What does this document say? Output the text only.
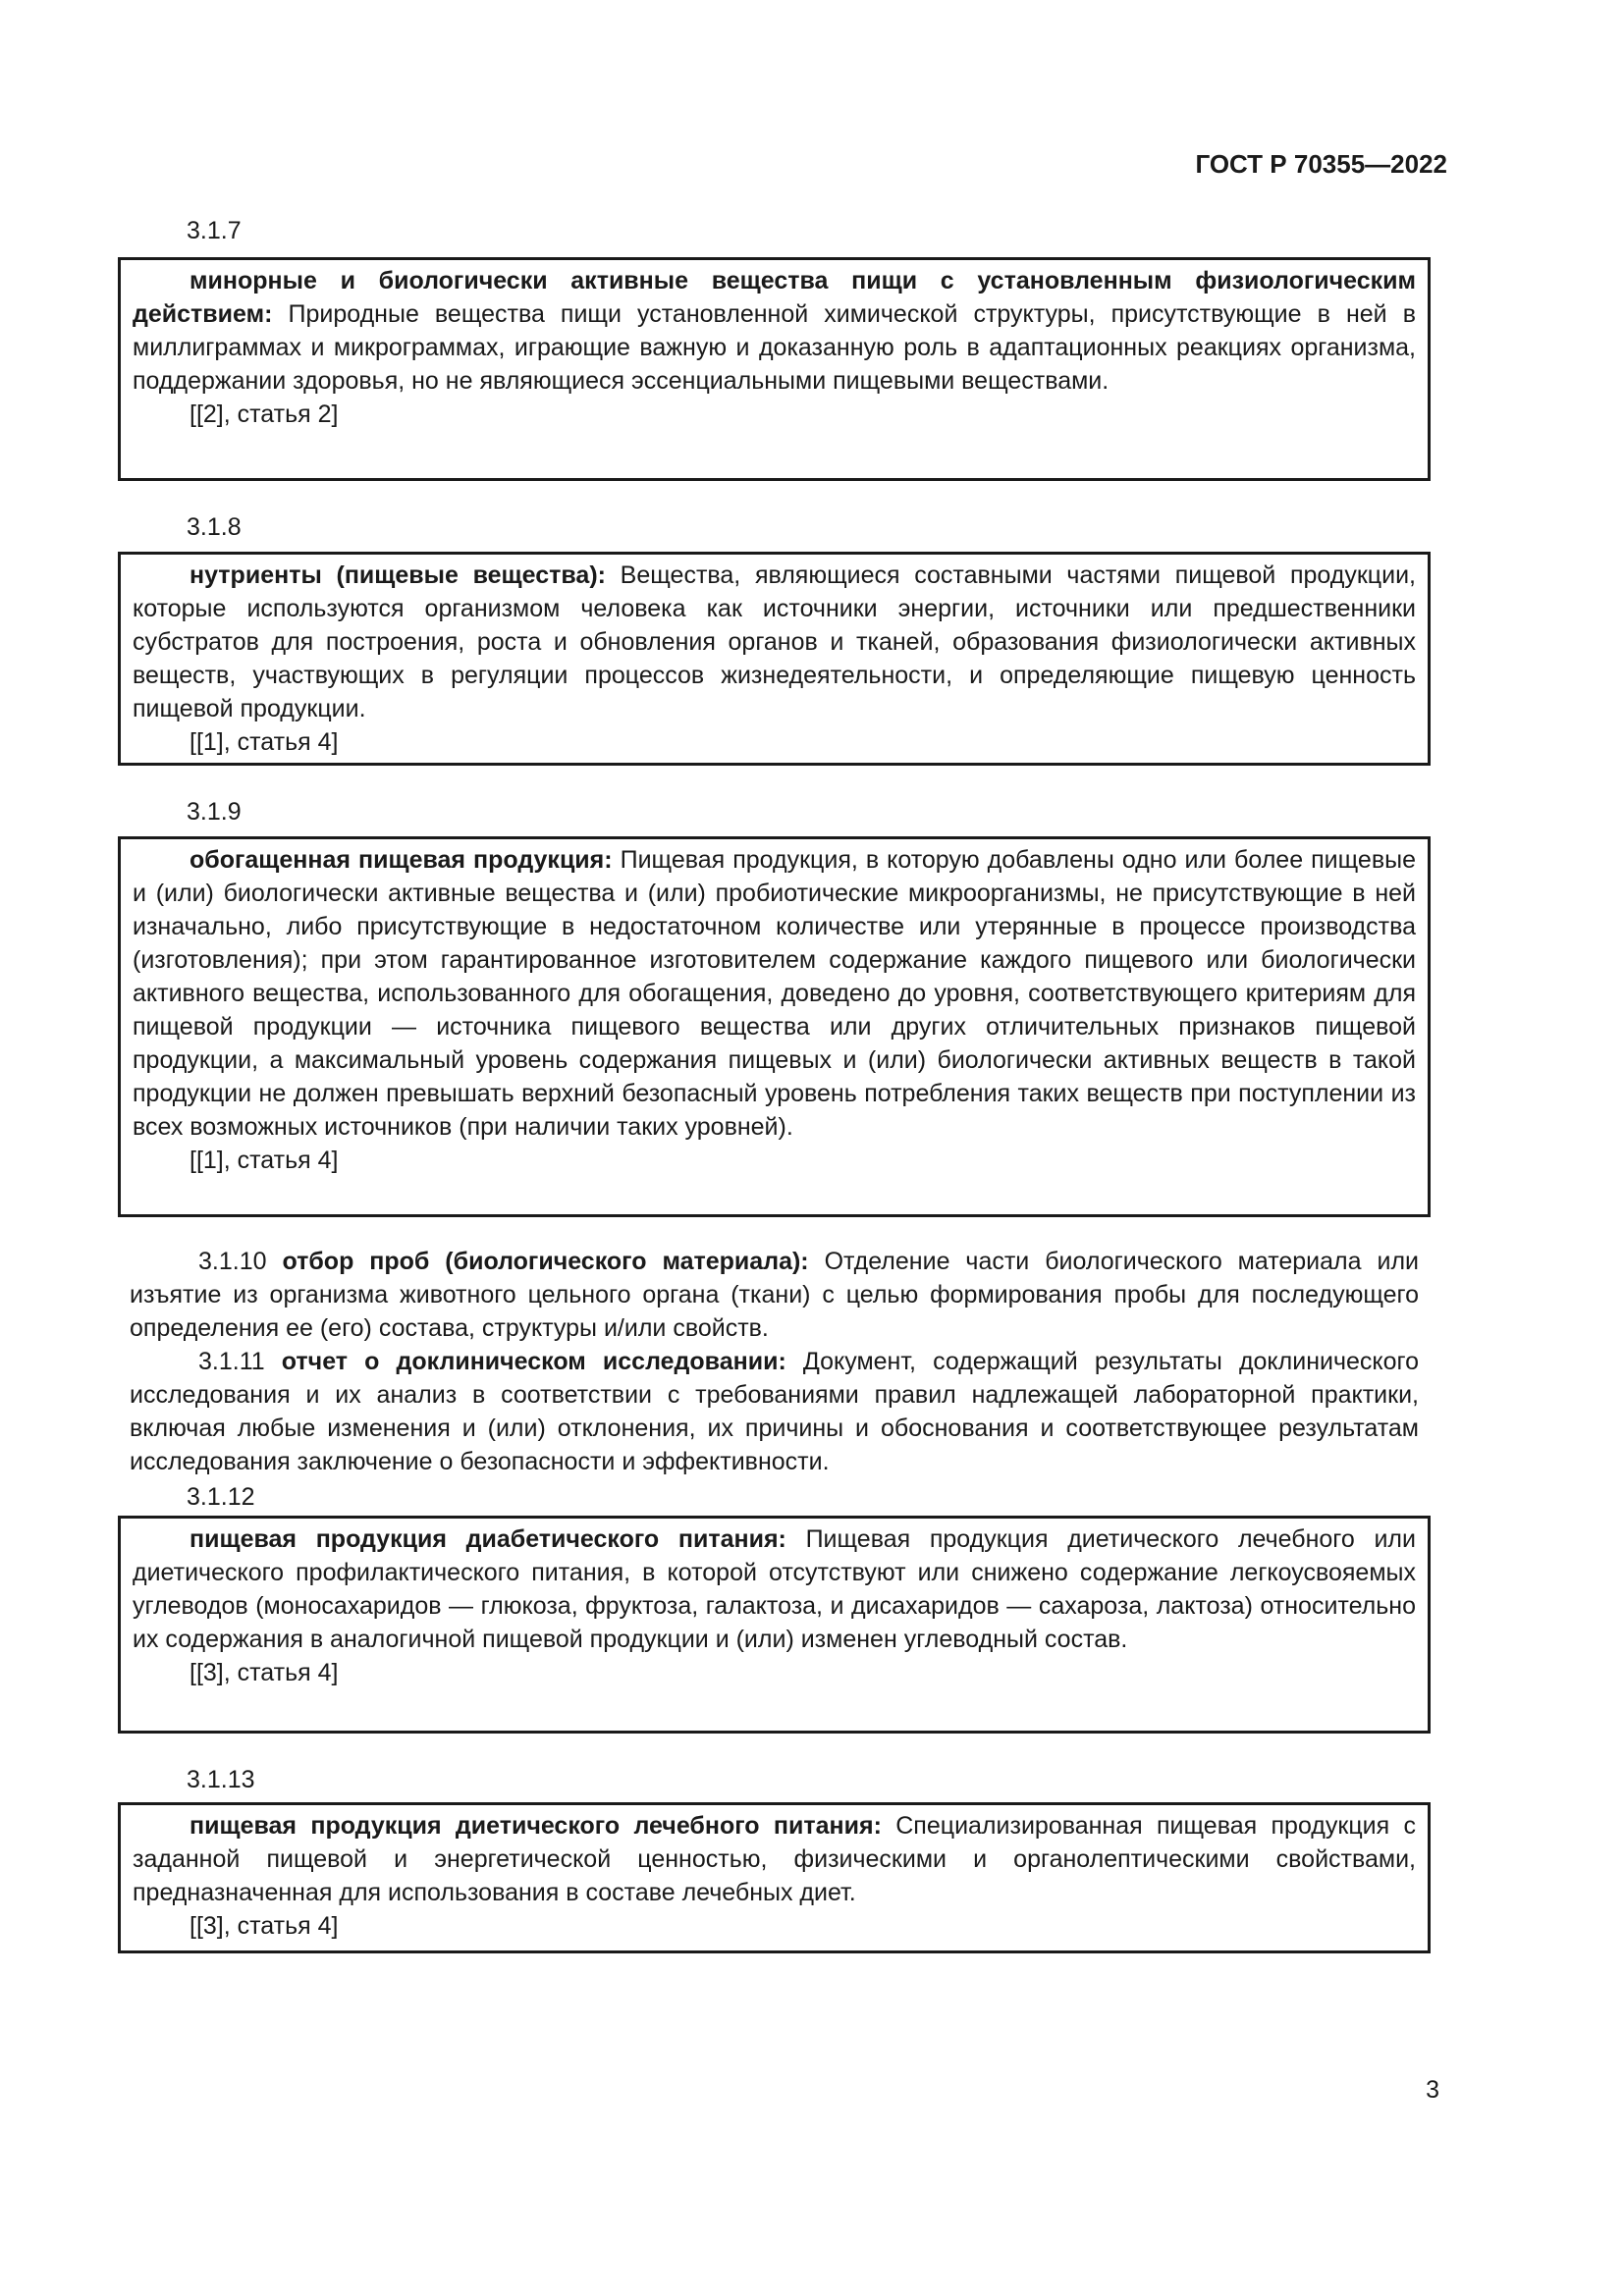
ГОСТ Р 70355—2022
3.1.7

минорные и биологически активные вещества пищи с установленным физиологическим действием: Природные вещества пищи установленной химической структуры, присутствующие в ней в миллиграммах и микрограммах, играющие важную и доказанную роль в адаптационных реакциях организма, поддержании здоровья, но не являющиеся эссенциальными пищевыми веществами.

[[2], статья 2]

3.1.8

нутриенты (пищевые вещества): Вещества, являющиеся составными частями пищевой продукции, которые используются организмом человека как источники энергии, источники или предшественники субстратов для построения, роста и обновления органов и тканей, образования физиологически активных веществ, участвующих в регуляции процессов жизнедеятельности, и определяющие пищевую ценность пищевой продукции.

[[1], статья 4]

3.1.9

обогащенная пищевая продукция: Пищевая продукция, в которую добавлены одно или более пищевые и (или) биологически активные вещества и (или) пробиотические микроорганизмы, не присутствующие в ней изначально, либо присутствующие в недостаточном количестве или утерянные в процессе производства (изготовления); при этом гарантированное изготовителем содержание каждого пищевого или биологически активного вещества, использованного для обогащения, доведено до уровня, соответствующего критериям для пищевой продукции — источника пищевого вещества или других отличительных признаков пищевой продукции, а максимальный уровень содержания пищевых и (или) биологически активных веществ в такой продукции не должен превышать верхний безопасный уровень потребления таких веществ при поступлении из всех возможных источников (при наличии таких уровней).

[[1], статья 4]

3.1.10 отбор проб (биологического материала): Отделение части биологического материала или изъятие из организма животного цельного органа (ткани) с целью формирования пробы для последующего определения ее (его) состава, структуры и/или свойств.

3.1.11 отчет о доклиническом исследовании: Документ, содержащий результаты доклинического исследования и их анализ в соответствии с требованиями правил надлежащей лабораторной практики, включая любые изменения и (или) отклонения, их причины и обоснования и соответствующее результатам исследования заключение о безопасности и эффективности.

3.1.12

пищевая продукция диабетического питания: Пищевая продукция диетического лечебного или диетического профилактического питания, в которой отсутствуют или снижено содержание легкоусвояемых углеводов (моносахаридов — глюкоза, фруктоза, галактоза, и дисахаридов — сахароза, лактоза) относительно их содержания в аналогичной пищевой продукции и (или) изменен углеводный состав.

[[3], статья 4]

3.1.13

пищевая продукция диетического лечебного питания: Специализированная пищевая продукция с заданной пищевой и энергетической ценностью, физическими и органолептическими свойствами, предназначенная для использования в составе лечебных диет.

[[3], статья 4]

3
